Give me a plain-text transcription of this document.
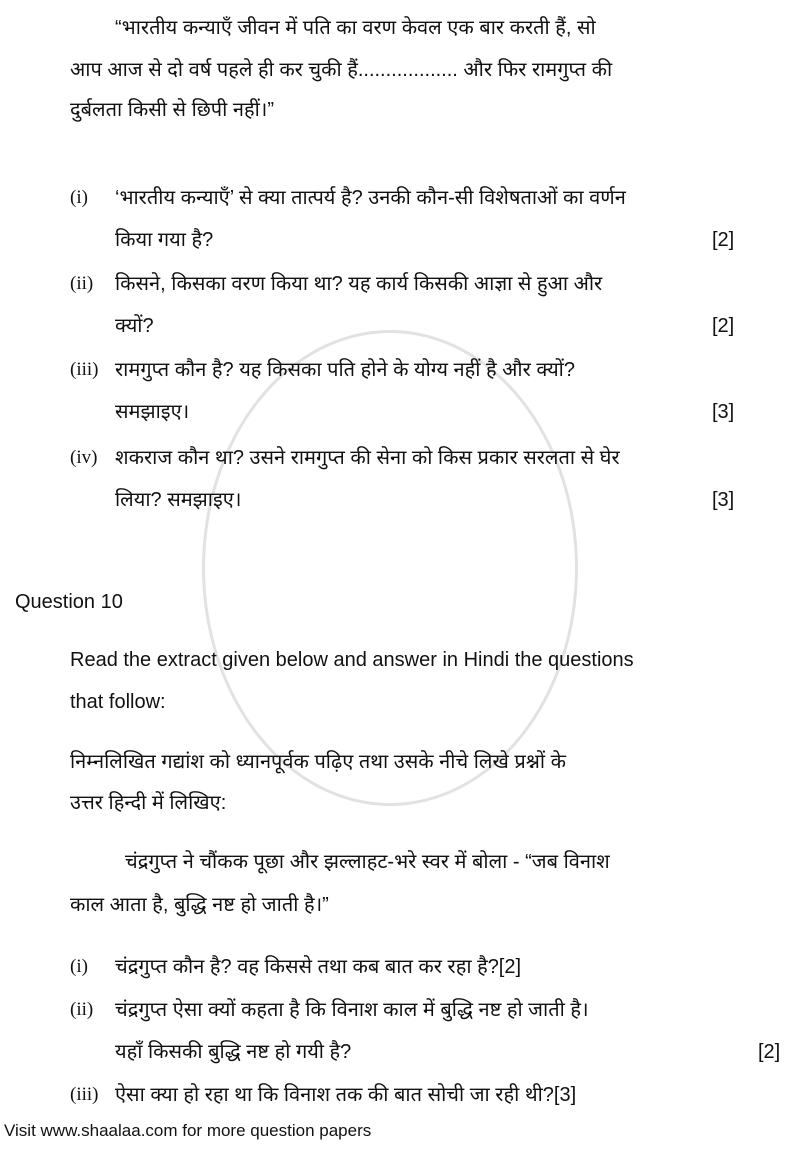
“भारतीय कन्याएँ जीवन में पति का वरण केवल एक बार करती हैं, सो
आप आज से दो वर्ष पहले ही कर चुकी हैं.................. और फिर रामगुप्त की
दुर्बलता किसी से छिपी नहीं।”
(i) ‘भारतीय कन्याएँ’ से क्या तात्पर्य है? उनकी कौन-सी विशेषताओं का वर्णन
किया गया है?	[2]
(ii) किसने, किसका वरण किया था? यह कार्य किसकी आज्ञा से हुआ और
क्यों?	[2]
(iii) रामगुप्त कौन है? यह किसका पति होने के योग्य नहीं है और क्यों?
समझाइए।	[3]
(iv) शकराज कौन था? उसने रामगुप्त की सेना को किस प्रकार सरलता से घेर
लिया? समझाइए।	[3]
Question 10
Read the extract given below and answer in Hindi the questions
that follow:
निम्नलिखित गद्यांश को ध्यानपूर्वक पढ़िए तथा उसके नीचे लिखे प्रश्नों के
उत्तर हिन्दी में लिखिए:
चंद्रगुप्त ने चौंकक पूछा और झल्लाहट-भरे स्वर में बोला - “जब विनाश
काल आता है, बुद्धि नष्ट हो जाती है।”
(i) चंद्रगुप्त कौन है? वह किससे तथा कब बात कर रहा है?[2]
(ii) चंद्रगुप्त ऐसा क्यों कहता है कि विनाश काल में बुद्धि नष्ट हो जाती है।
यहाँ किसकी बुद्धि नष्ट हो गयी है?	[2]
(iii) ऐसा क्या हो रहा था कि विनाश तक की बात सोची जा रही थी?[3]
Visit www.shaalaa.com for more question papers
